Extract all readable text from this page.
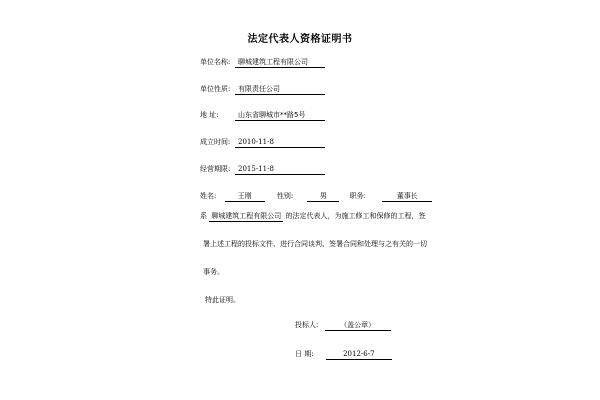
法定代表人资格证明书
单位名称:	聊城建筑工程有限公司
单位性质:	有限责任公司
地 址:	山东省聊城市**路5号
成立时间:	2010-11-8
经营期限:	2015-11-8
姓名:	王刚	性别:	男	职务:	董事长
系 聊城建筑工程有限公司 的法定代表人，为施工修工和保修的工程，签
署上述工程的投标文件、进行合同谈判、签署合同和处理与之有关的一切
事务。
特此证明。
投标人:	（盖公章）
日 期:	2012-6-7
